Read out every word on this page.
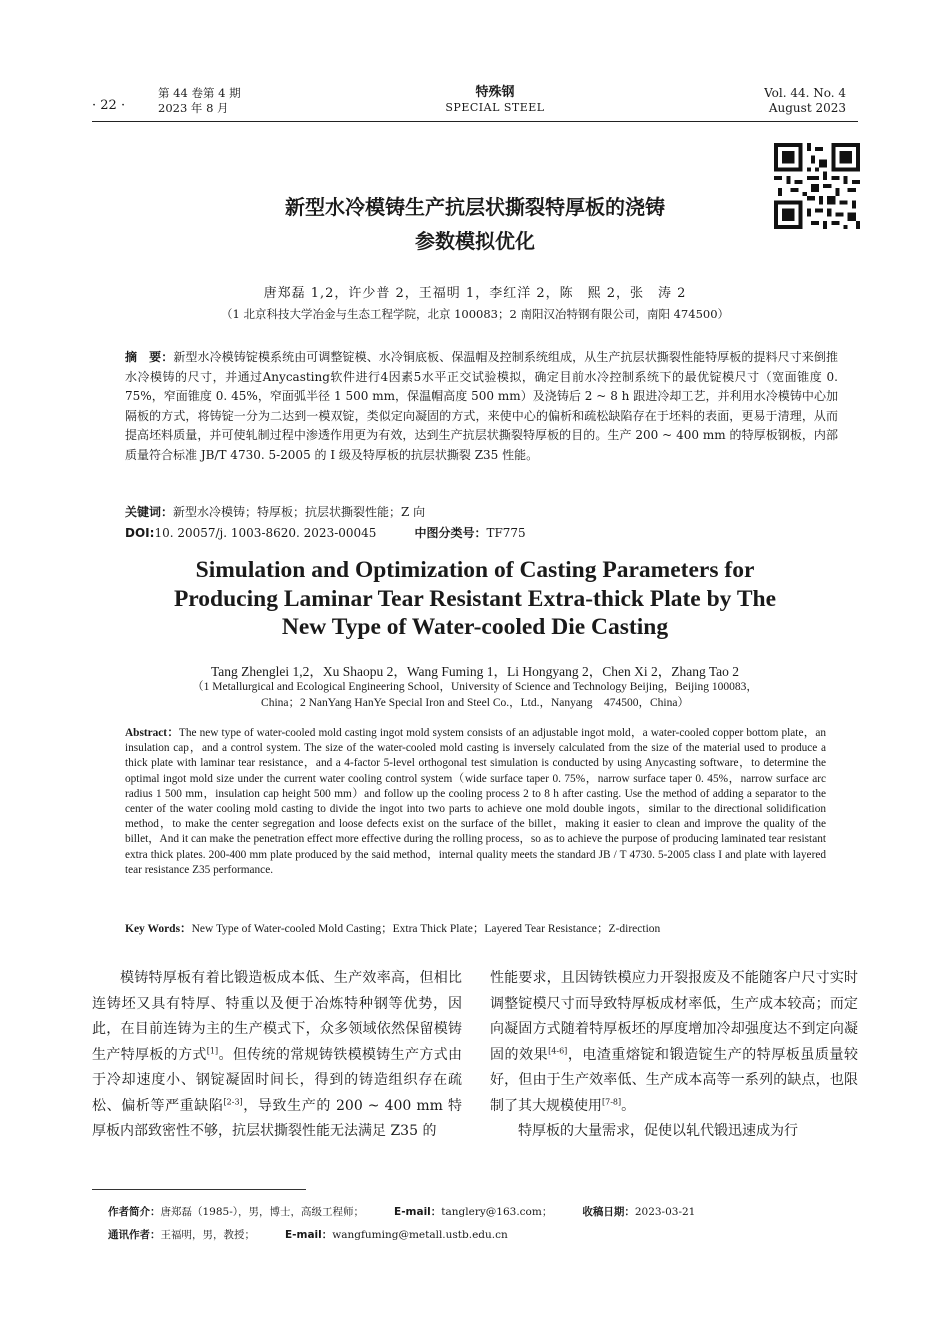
· 22 ·
第 44 卷第 4 期
2023 年 8 月
特殊钢
SPECIAL STEEL
Vol. 44. No. 4
August 2023
新型水冷模铸生产抗层状撕裂特厚板的浇铸
参数模拟优化
唐郑磊 1,2，许少普 2，王福明 1，李红洋 2，陈　熙 2，张　涛 2
（1 北京科技大学冶金与生态工程学院，北京 100083；2 南阳汉冶特钢有限公司，南阳 474500）
摘　要：新型水冷模铸锭模系统由可调整锭模、水冷铜底板、保温帽及控制系统组成，从生产抗层状撕裂性能特厚板的提料尺寸来倒推水冷模铸的尺寸，并通过Anycasting软件进行4因素5水平正交试验模拟，确定目前水冷控制系统下的最优锭模尺寸（宽面锥度 0. 75%，窄面锥度 0. 45%，窄面弧半径 1 500 mm，保温帽高度 500 mm）及浇铸后 2 ~ 8 h 跟进冷却工艺，并利用水冷模铸中心加隔板的方式，将铸锭一分为二达到一模双锭，类似定向凝固的方式，来使中心的偏析和疏松缺陷存在于坯料的表面，更易于清理，从而提高坯料质量，并可使轧制过程中渗透作用更为有效，达到生产抗层状撕裂特厚板的目的。生产 200 ~ 400 mm 的特厚板钢板，内部质量符合标准 JB/T 4730. 5-2005 的 I 级及特厚板的抗层状撕裂 Z35 性能。
关键词：新型水冷模铸；特厚板；抗层状撕裂性能；Z 向
DOI:10. 20057/j. 1003-8620. 2023-00045	中图分类号：TF775
Simulation and Optimization of Casting Parameters for
Producing Laminar Tear Resistant Extra-thick Plate by The
New Type of Water-cooled Die Casting
Tang Zhenglei 1,2，Xu Shaopu 2，Wang Fuming 1，Li Hongyang 2，Chen Xi 2，Zhang Tao 2
（1 Metallurgical and Ecological Engineering School，University of Science and Technology Beijing，Beijing 100083，
China；2 NanYang HanYe Special Iron and Steel Co.，Ltd.，Nanyang　474500，China）
Abstract：The new type of water-cooled mold casting ingot mold system consists of an adjustable ingot mold，a water-cooled copper bottom plate，an insulation cap，and a control system. The size of the water-cooled mold casting is inversely calculated from the size of the material used to produce a thick plate with laminar tear resistance，and a 4-factor 5-level orthogonal test simulation is conducted by using Anycasting software，to determine the optimal ingot mold size under the current water cooling control system（wide surface taper 0. 75%，narrow surface taper 0. 45%，narrow surface arc radius 1 500 mm，insulation cap height 500 mm）and follow up the cooling process 2 to 8 h after casting. Use the method of adding a separator to the center of the water cooling mold casting to divide the ingot into two parts to achieve one mold double ingots，similar to the directional solidification method，to make the center segregation and loose defects exist on the surface of the billet，making it easier to clean and improve the quality of the billet，And it can make the penetration effect more effective during the rolling process，so as to achieve the purpose of producing laminated tear resistant extra thick plates. 200-400 mm plate produced by the said method，internal quality meets the standard JB / T 4730. 5-2005 class I and plate with layered tear resistance Z35 performance.
Key Words：New Type of Water-cooled Mold Casting；Extra Thick Plate；Layered Tear Resistance；Z-direction
模铸特厚板有着比锻造板成本低、生产效率高，但相比连铸坯又具有特厚、特重以及便于冶炼特种钢等优势，因此，在目前连铸为主的生产模式下，众多领域依然保留模铸生产特厚板的方式[1]。但传统的常规铸铁模模铸生产方式由于冷却速度小、钢锭凝固时间长，得到的铸造组织存在疏松、偏析等严重缺陷[2-3]，导致生产的 200 ~ 400 mm 特厚板内部致密性不够，抗层状撕裂性能无法满足 Z35 的
性能要求，且因铸铁模应力开裂报废及不能随客户尺寸实时调整锭模尺寸而导致特厚板成材率低，生产成本较高；而定向凝固方式随着特厚板坯的厚度增加冷却强度达不到定向凝固的效果[4-6]，电渣重熔锭和锻造锭生产的特厚板虽质量较好，但由于生产效率低、生产成本高等一系列的缺点，也限制了其大规模使用[7-8]。
特厚板的大量需求，促使以轧代锻迅速成为行
作者简介：唐郑磊（1985-），男，博士，高级工程师；	E-mail：tanglery@163.com；	收稿日期：2023-03-21
通讯作者：王福明，男，教授；	E-mail：wangfuming@metall.ustb.edu.cn
